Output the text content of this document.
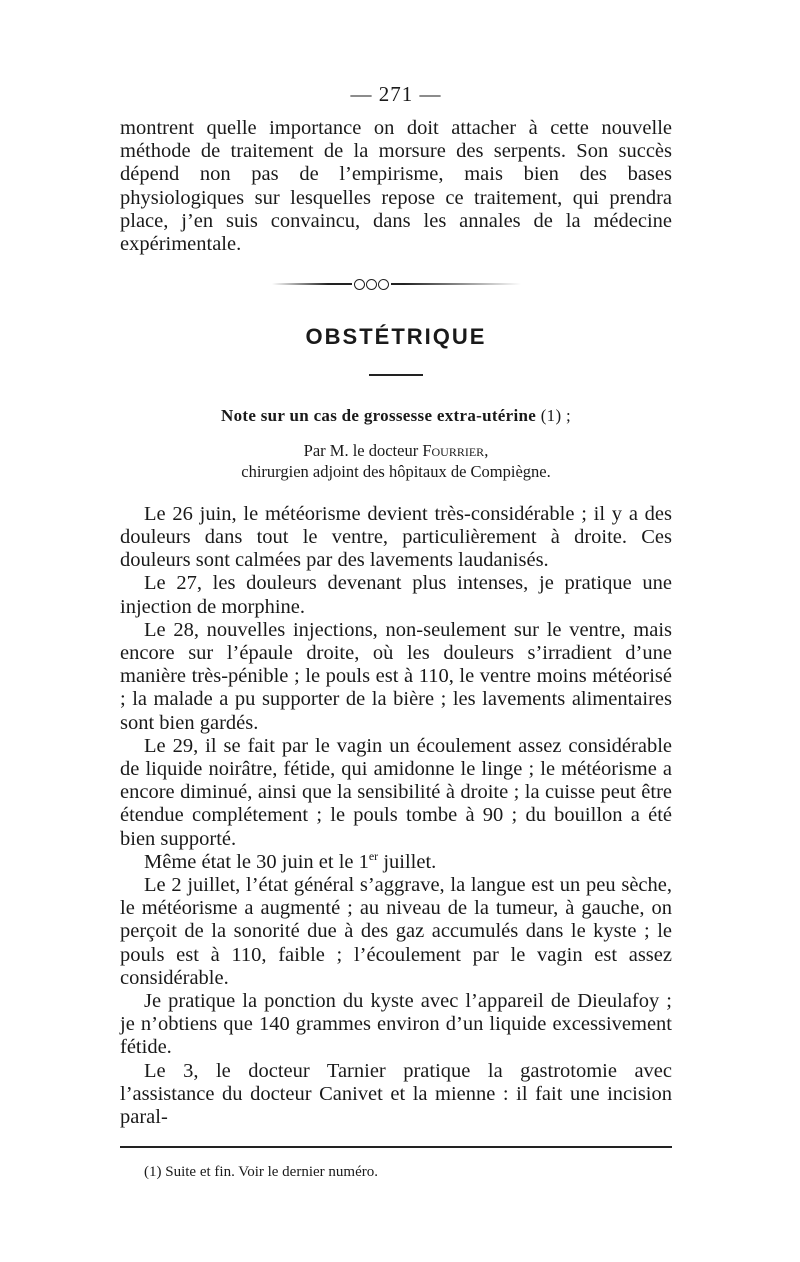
— 271 —

montrent quelle importance on doit attacher à cette nouvelle méthode de traitement de la morsure des serpents. Son succès dépend non pas de l’empirisme, mais bien des bases physiologiques sur lesquelles repose ce traitement, qui prendra place, j’en suis convaincu, dans les annales de la médecine expérimentale.

OBSTÉTRIQUE

Note sur un cas de grossesse extra-utérine (1) ;

Par M. le docteur Fourrier,
chirurgien adjoint des hôpitaux de Compiègne.

Le 26 juin, le météorisme devient très-considérable ; il y a des douleurs dans tout le ventre, particulièrement à droite. Ces douleurs sont calmées par des lavements laudanisés.

Le 27, les douleurs devenant plus intenses, je pratique une injection de morphine.

Le 28, nouvelles injections, non-seulement sur le ventre, mais encore sur l’épaule droite, où les douleurs s’irradient d’une manière très-pénible ; le pouls est à 110, le ventre moins météorisé ; la malade a pu supporter de la bière ; les lavements alimentaires sont bien gardés.

Le 29, il se fait par le vagin un écoulement assez considérable de liquide noirâtre, fétide, qui amidonne le linge ; le météorisme a encore diminué, ainsi que la sensibilité à droite ; la cuisse peut être étendue complétement ; le pouls tombe à 90 ; du bouillon a été bien supporté.

Même état le 30 juin et le 1er juillet.

Le 2 juillet, l’état général s’aggrave, la langue est un peu sèche, le météorisme a augmenté ; au niveau de la tumeur, à gauche, on perçoit de la sonorité due à des gaz accumulés dans le kyste ; le pouls est à 110, faible ; l’écoulement par le vagin est assez considérable.

Je pratique la ponction du kyste avec l’appareil de Dieulafoy ; je n’obtiens que 140 grammes environ d’un liquide excessivement fétide.

Le 3, le docteur Tarnier pratique la gastrotomie avec l’assistance du docteur Canivet et la mienne : il fait une incision paral-

(1) Suite et fin. Voir le dernier numéro.
